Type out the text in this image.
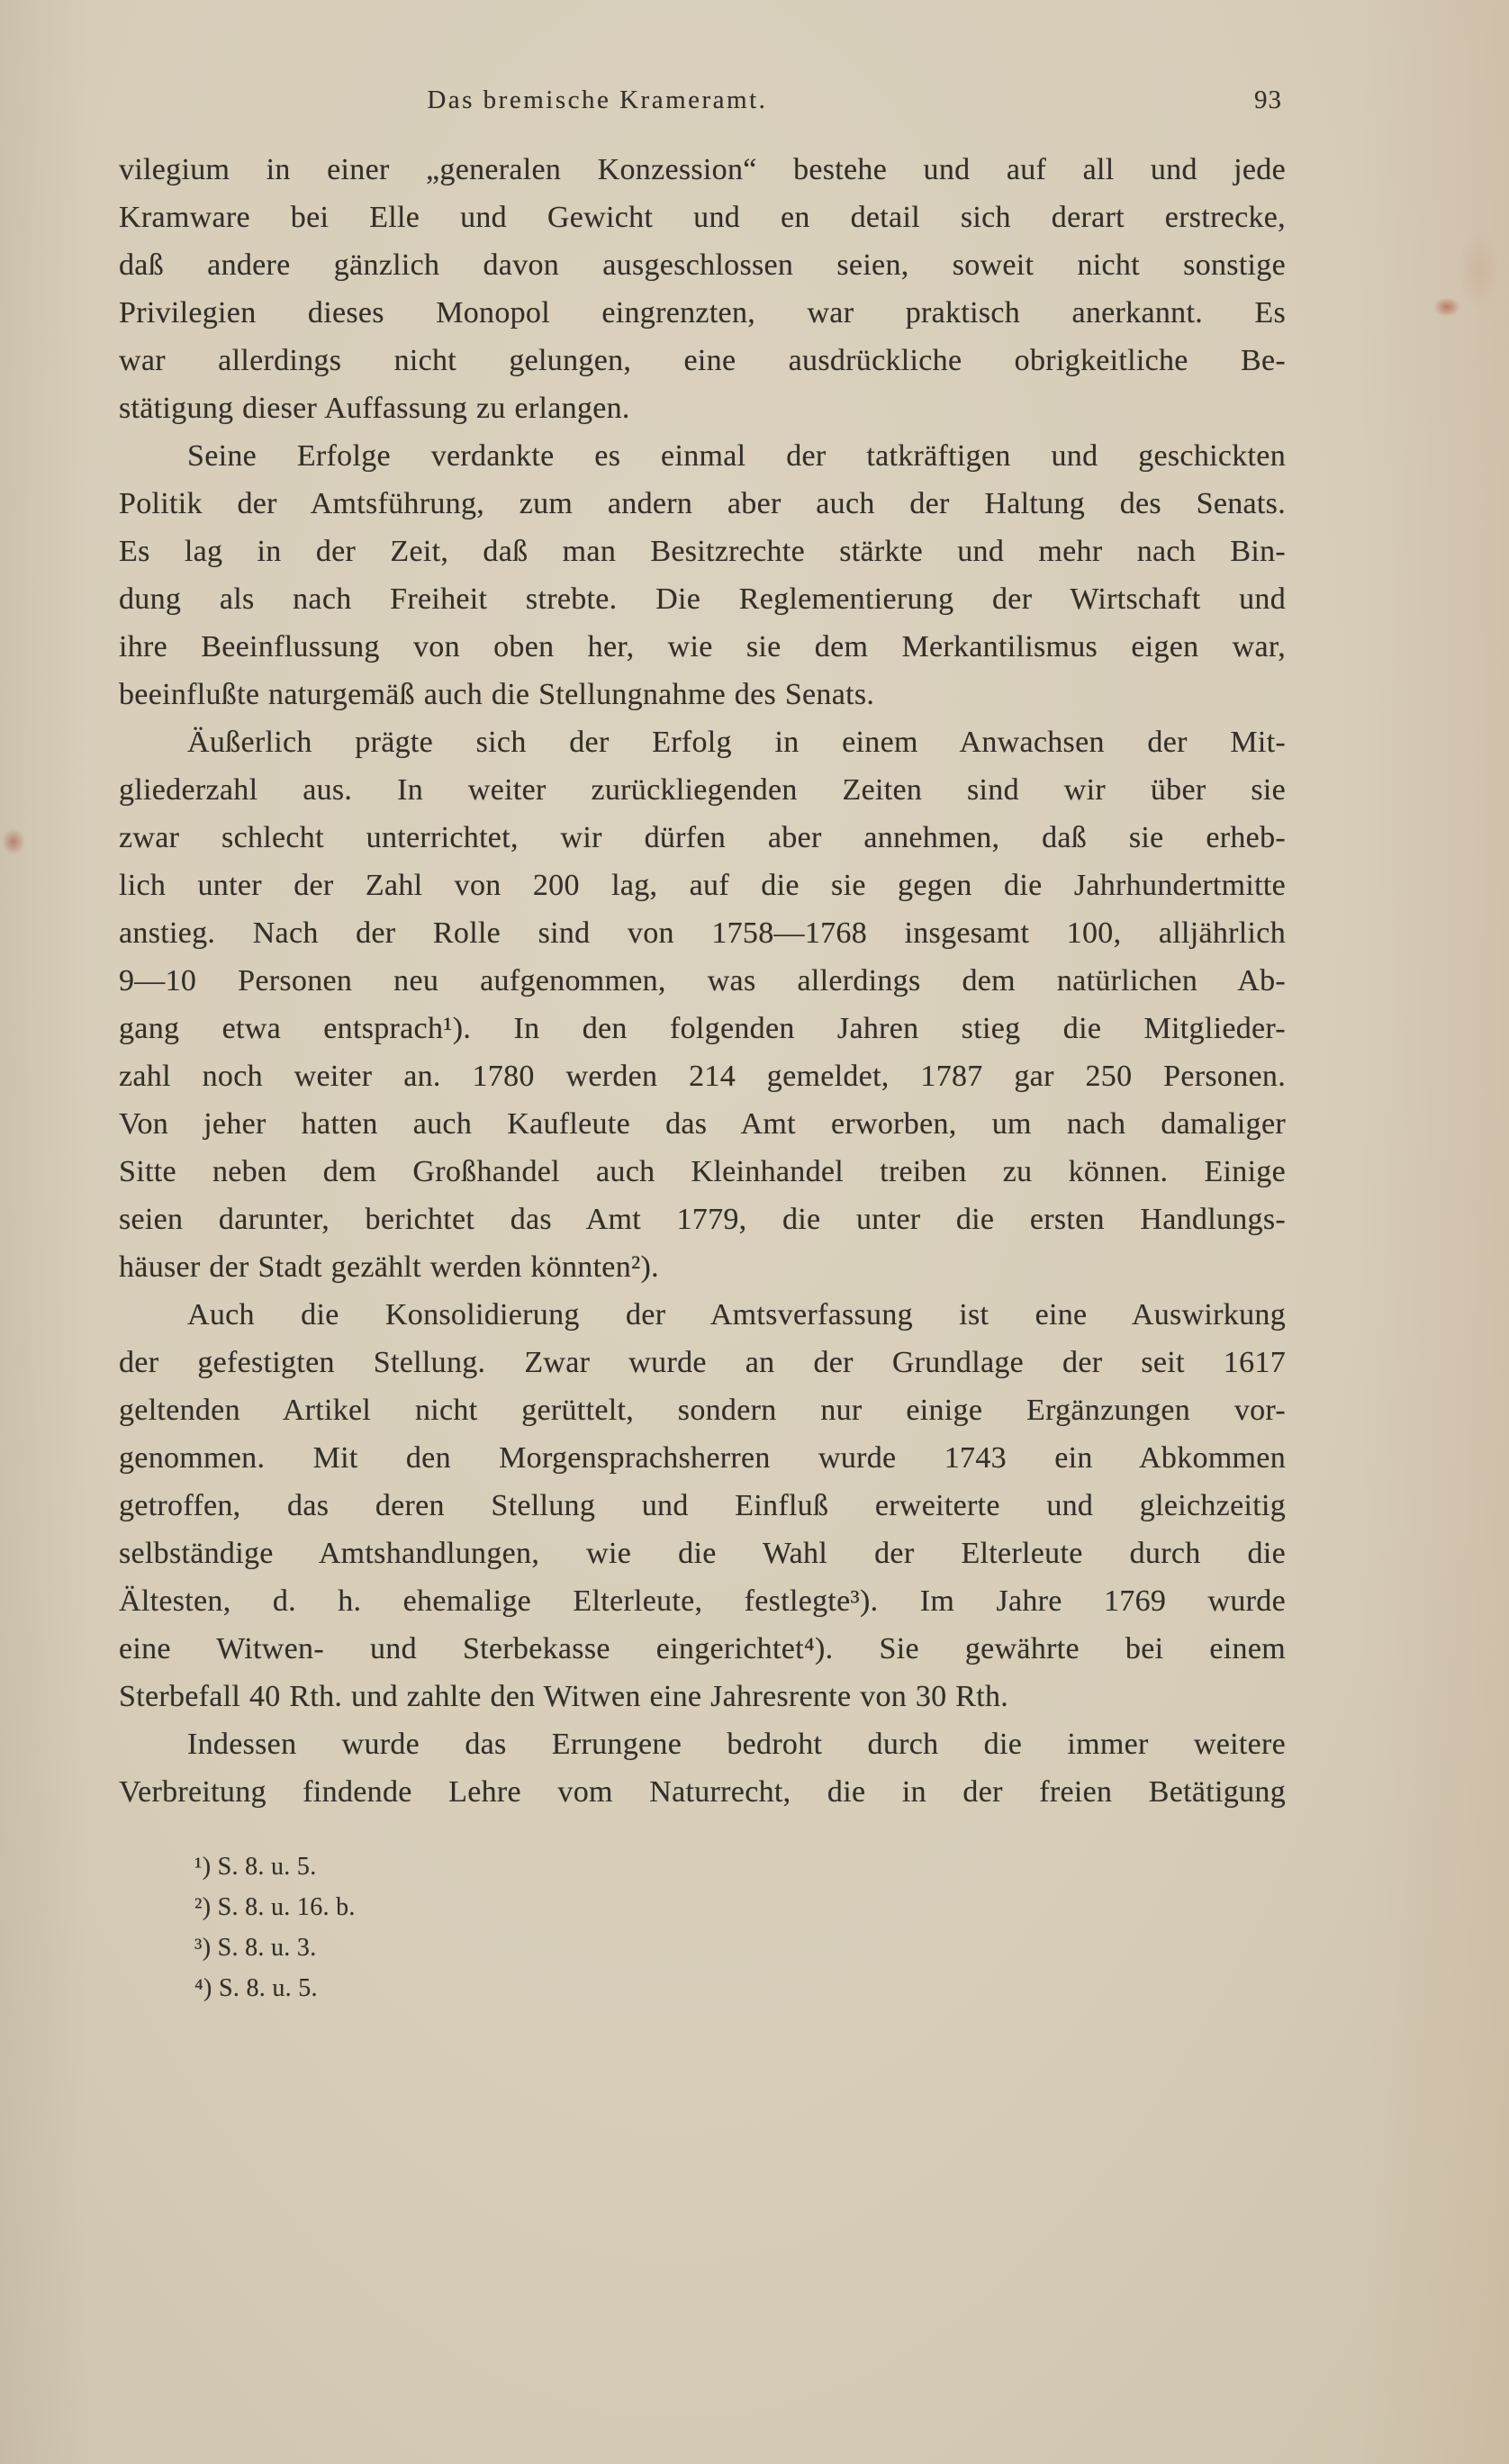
Das bremische Krameramt.	93
vilegium in einer „generalen Konzession“ bestehe und auf all und jede
Kramware bei Elle und Gewicht und en detail sich derart erstrecke,
daß andere gänzlich davon ausgeschlossen seien, soweit nicht sonstige
Privilegien dieses Monopol eingrenzten, war praktisch anerkannt. Es
war allerdings nicht gelungen, eine ausdrückliche obrigkeitliche Be-
stätigung dieser Auffassung zu erlangen.
Seine Erfolge verdankte es einmal der tatkräftigen und geschickten
Politik der Amtsführung, zum andern aber auch der Haltung des Senats.
Es lag in der Zeit, daß man Besitzrechte stärkte und mehr nach Bin-
dung als nach Freiheit strebte. Die Reglementierung der Wirtschaft und
ihre Beeinflussung von oben her, wie sie dem Merkantilismus eigen war,
beeinflußte naturgemäß auch die Stellungnahme des Senats.
Äußerlich prägte sich der Erfolg in einem Anwachsen der Mit-
gliederzahl aus. In weiter zurückliegenden Zeiten sind wir über sie
zwar schlecht unterrichtet, wir dürfen aber annehmen, daß sie erheb-
lich unter der Zahl von 200 lag, auf die sie gegen die Jahrhundertmitte
anstieg. Nach der Rolle sind von 1758—1768 insgesamt 100, alljährlich
9—10 Personen neu aufgenommen, was allerdings dem natürlichen Ab-
gang etwa entsprach¹). In den folgenden Jahren stieg die Mitglieder-
zahl noch weiter an. 1780 werden 214 gemeldet, 1787 gar 250 Personen.
Von jeher hatten auch Kaufleute das Amt erworben, um nach damaliger
Sitte neben dem Großhandel auch Kleinhandel treiben zu können. Einige
seien darunter, berichtet das Amt 1779, die unter die ersten Handlungs-
häuser der Stadt gezählt werden könnten²).
Auch die Konsolidierung der Amtsverfassung ist eine Auswirkung
der gefestigten Stellung. Zwar wurde an der Grundlage der seit 1617
geltenden Artikel nicht gerüttelt, sondern nur einige Ergänzungen vor-
genommen. Mit den Morgensprachsherren wurde 1743 ein Abkommen
getroffen, das deren Stellung und Einfluß erweiterte und gleichzeitig
selbständige Amtshandlungen, wie die Wahl der Elterleute durch die
Ältesten, d. h. ehemalige Elterleute, festlegte³). Im Jahre 1769 wurde
eine Witwen- und Sterbekasse eingerichtet⁴). Sie gewährte bei einem
Sterbefall 40 Rth. und zahlte den Witwen eine Jahresrente von 30 Rth.
Indessen wurde das Errungene bedroht durch die immer weitere
Verbreitung findende Lehre vom Naturrecht, die in der freien Betätigung
¹) S. 8. u. 5.
²) S. 8. u. 16. b.
³) S. 8. u. 3.
⁴) S. 8. u. 5.
